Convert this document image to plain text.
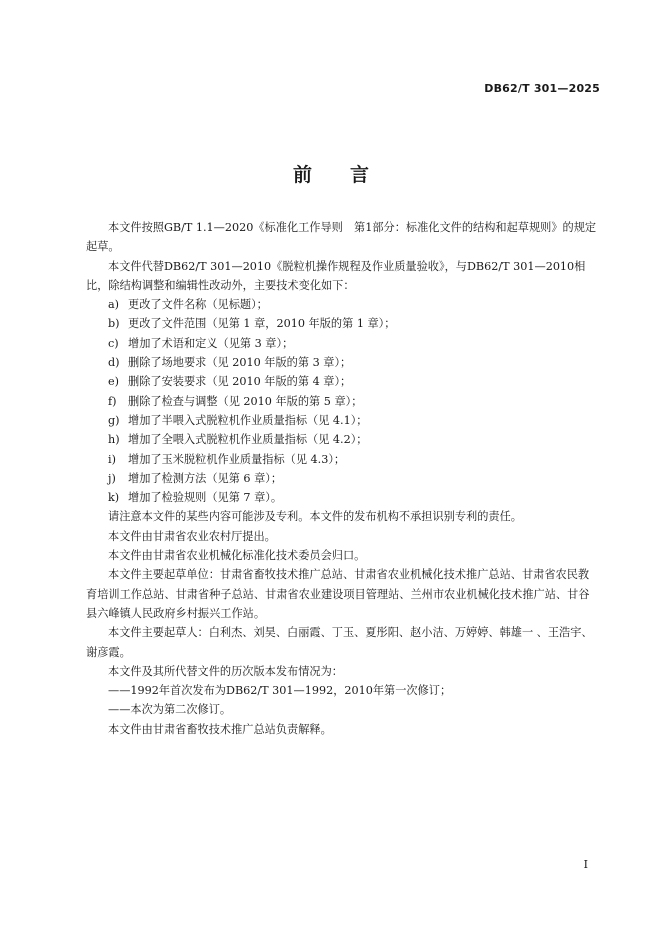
DB62/T 301—2025
前 言

本文件按照GB/T 1.1—2020《标准化工作导则　第1部分：标准化文件的结构和起草规则》的规定起草。

本文件代替DB62/T 301—2010《脱粒机操作规程及作业质量验收》，与DB62/T 301—2010相比，除结构调整和编辑性改动外，主要技术变化如下：

a) 更改了文件名称（见标题）；

b) 更改了文件范围（见第 1 章，2010 年版的第 1 章）；

c) 增加了术语和定义（见第 3 章）；

d) 删除了场地要求（见 2010 年版的第 3 章）；

e) 删除了安装要求（见 2010 年版的第 4 章）；

f) 删除了检查与调整（见 2010 年版的第 5 章）；

g) 增加了半喂入式脱粒机作业质量指标（见 4.1）；

h) 增加了全喂入式脱粒机作业质量指标（见 4.2）；

i) 增加了玉米脱粒机作业质量指标（见 4.3）；

j) 增加了检测方法（见第 6 章）；

k) 增加了检验规则（见第 7 章）。

请注意本文件的某些内容可能涉及专利。本文件的发布机构不承担识别专利的责任。

本文件由甘肃省农业农村厅提出。

本文件由甘肃省农业机械化标准化技术委员会归口。

本文件主要起草单位：甘肃省畜牧技术推广总站、甘肃省农业机械化技术推广总站、甘肃省农民教育培训工作总站、甘肃省种子总站、甘肃省农业建设项目管理站、兰州市农业机械化技术推广站、甘谷县六峰镇人民政府乡村振兴工作站。

本文件主要起草人：白利杰、刘昊、白丽霞、丁玉、夏彤阳、赵小洁、万婷婷、韩雄一 、王浩宇、谢彦霞。

本文件及其所代替文件的历次版本发布情况为：

——1992年首次发布为DB62/T 301—1992，2010年第一次修订；

——本次为第二次修订。

本文件由甘肃省畜牧技术推广总站负责解释。

I
